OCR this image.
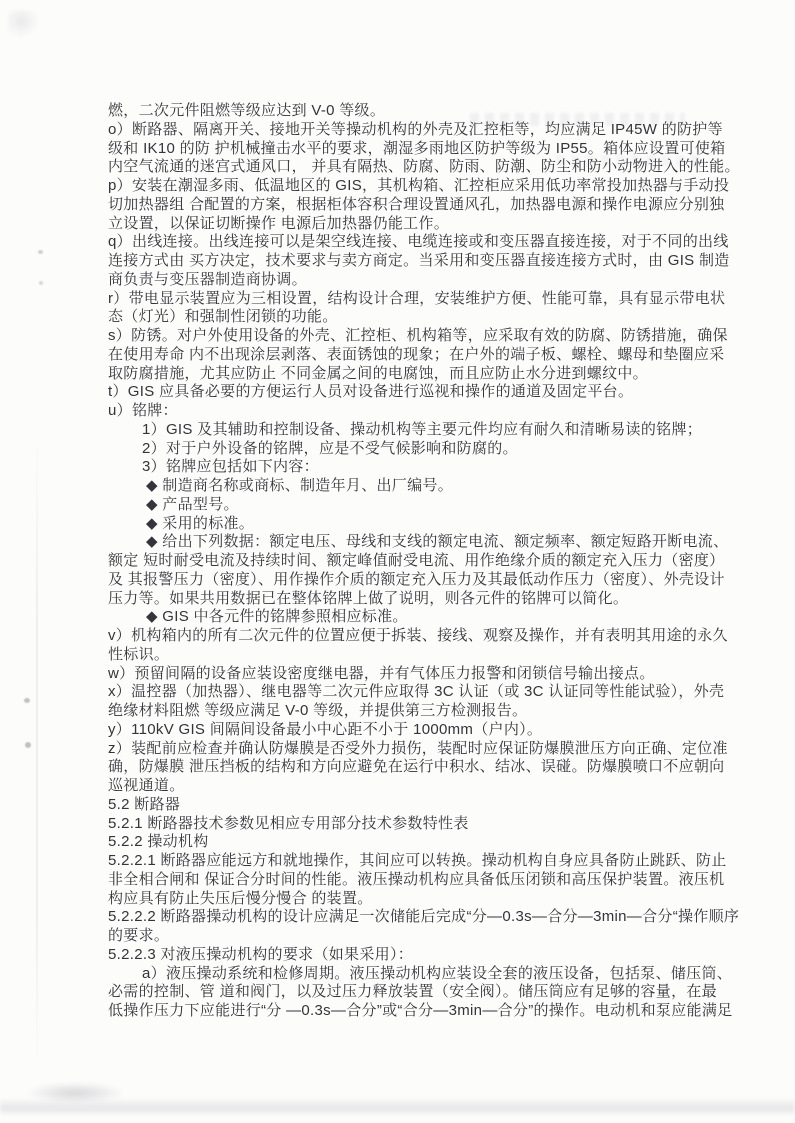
燃，二次元件阻燃等级应达到 V-0 等级。
o）断路器、隔离开关、接地开关等操动机构的外壳及汇控柜等，均应满足 IP45W 的防护等
级和 IK10 的防 护机械撞击水平的要求，潮湿多雨地区防护等级为 IP55。箱体应设置可使箱
内空气流通的迷宫式通风口， 并具有隔热、防腐、防雨、防潮、防尘和防小动物进入的性能。
p）安装在潮湿多雨、低温地区的 GIS，其机构箱、汇控柜应采用低功率常投加热器与手动投
切加热器组 合配置的方案，根据柜体容积合理设置通风孔，加热器电源和操作电源应分别独
立设置，以保证切断操作 电源后加热器仍能工作。
q）出线连接。出线连接可以是架空线连接、电缆连接或和变压器直接连接，对于不同的出线
连接方式由 买方决定，技术要求与卖方商定。当采用和变压器直接连接方式时，由 GIS 制造
商负责与变压器制造商协调。
r）带电显示装置应为三相设置，结构设计合理，安装维护方便、性能可靠，具有显示带电状
态（灯光）和强制性闭锁的功能。
s）防锈。对户外使用设备的外壳、汇控柜、机构箱等，应采取有效的防腐、防锈措施，确保
在使用寿命 内不出现涂层剥落、表面锈蚀的现象；在户外的端子板、螺栓、螺母和垫圈应采
取防腐措施，尤其应防止 不同金属之间的电腐蚀，而且应防止水分进到螺纹中。
t）GIS 应具备必要的方便运行人员对设备进行巡视和操作的通道及固定平台。
u）铭牌：
1）GIS 及其辅助和控制设备、操动机构等主要元件均应有耐久和清晰易读的铭牌；
2）对于户外设备的铭牌，应是不受气候影响和防腐的。
3）铭牌应包括如下内容：
◆ 制造商名称或商标、制造年月、出厂编号。
◆ 产品型号。
◆ 采用的标准。
◆ 给出下列数据：额定电压、母线和支线的额定电流、额定频率、额定短路开断电流、
额定 短时耐受电流及持续时间、额定峰值耐受电流、用作绝缘介质的额定充入压力（密度）
及 其报警压力（密度）、用作操作介质的额定充入压力及其最低动作压力（密度）、外壳设计
压力等。如果共用数据已在整体铭牌上做了说明，则各元件的铭牌可以简化。
◆ GIS 中各元件的铭牌参照相应标准。
v）机构箱内的所有二次元件的位置应便于拆装、接线、观察及操作，并有表明其用途的永久
性标识。
w）预留间隔的设备应装设密度继电器，并有气体压力报警和闭锁信号输出接点。
x）温控器（加热器）、继电器等二次元件应取得 3C 认证（或 3C 认证同等性能试验），外壳
绝缘材料阻燃 等级应满足 V-0 等级，并提供第三方检测报告。
y）110kV GIS 间隔间设备最小中心距不小于 1000mm（户内）。
z）装配前应检查并确认防爆膜是否受外力损伤，装配时应保证防爆膜泄压方向正确、定位准
确，防爆膜 泄压挡板的结构和方向应避免在运行中积水、结冰、误碰。防爆膜喷口不应朝向
巡视通道。
5.2 断路器
5.2.1 断路器技术参数见相应专用部分技术参数特性表
5.2.2 操动机构
5.2.2.1 断路器应能远方和就地操作，其间应可以转换。操动机构自身应具备防止跳跃、防止
非全相合闸和 保证合分时间的性能。液压操动机构应具备低压闭锁和高压保护装置。液压机
构应具有防止失压后慢分慢合 的装置。
5.2.2.2 断路器操动机构的设计应满足一次储能后完成“分—0.3s—合分—3min—合分“操作顺序
的要求。
5.2.2.3 对液压操动机构的要求（如果采用）：
a）液压操动系统和检修周期。液压操动机构应装设全套的液压设备，包括泵、储压筒、
必需的控制、管 道和阀门，以及过压力释放装置（安全阀）。储压筒应有足够的容量，在最
低操作压力下应能进行“分 —0.3s—合分”或“合分—3min—合分”的操作。电动机和泵应能满足
